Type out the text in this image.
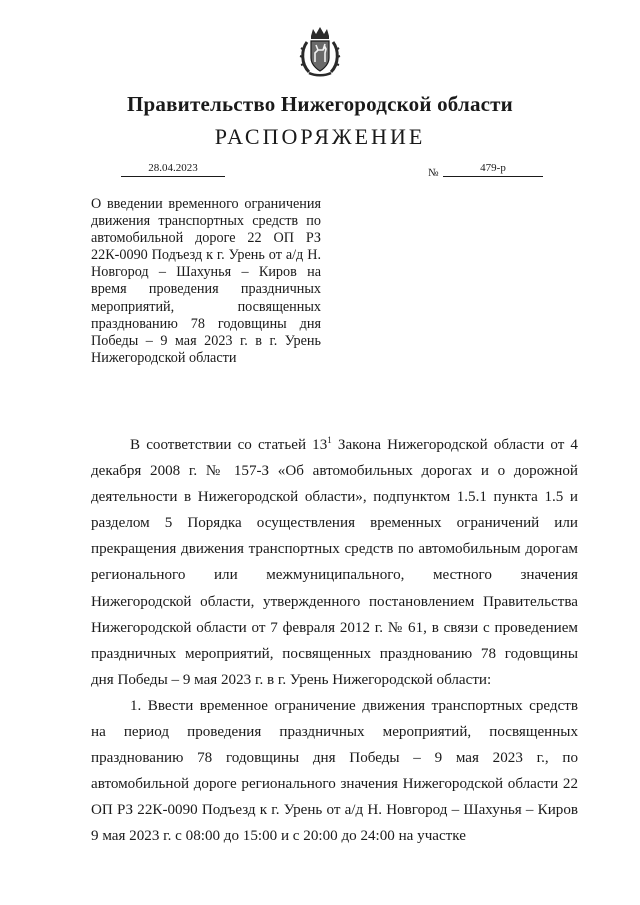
Правительство Нижегородской области
РАСПОРЯЖЕНИЕ
28.04.2023	№	479-р
О введении временного ограничения движения транспортных средств по автомобильной дороге 22 ОП РЗ 22К-0090 Подъезд к г. Урень от а/д Н. Новгород – Шахунья – Киров на время проведения праздничных мероприятий, посвященных празднованию 78 годовщины дня Победы – 9 мая 2023 г. в г. Урень Нижегородской области

В соответствии со статьей $13^1$ Закона Нижегородской области от 4 декабря 2008 г. № 157-З «Об автомобильных дорогах и о дорожной деятельности в Нижегородской области», подпунктом 1.5.1 пункта 1.5 и разделом 5 Порядка осуществления временных ограничений или прекращения движения транспортных средств по автомобильным дорогам регионального или межмуниципального, местного значения Нижегородской области, утвержденного постановлением Правительства Нижегородской области от 7 февраля 2012 г. № 61, в связи с проведением праздничных мероприятий, посвященных празднованию 78 годовщины дня Победы – 9 мая 2023 г. в г. Урень Нижегородской области:

1. Ввести временное ограничение движения транспортных средств на период проведения праздничных мероприятий, посвященных празднованию 78 годовщины дня Победы – 9 мая 2023 г., по автомобильной дороге регионального значения Нижегородской области 22 ОП РЗ 22К-0090 Подъезд к г. Урень от а/д Н. Новгород – Шахунья – Киров 9 мая 2023 г. с 08:00 до 15:00 и с 20:00 до 24:00 на участке
